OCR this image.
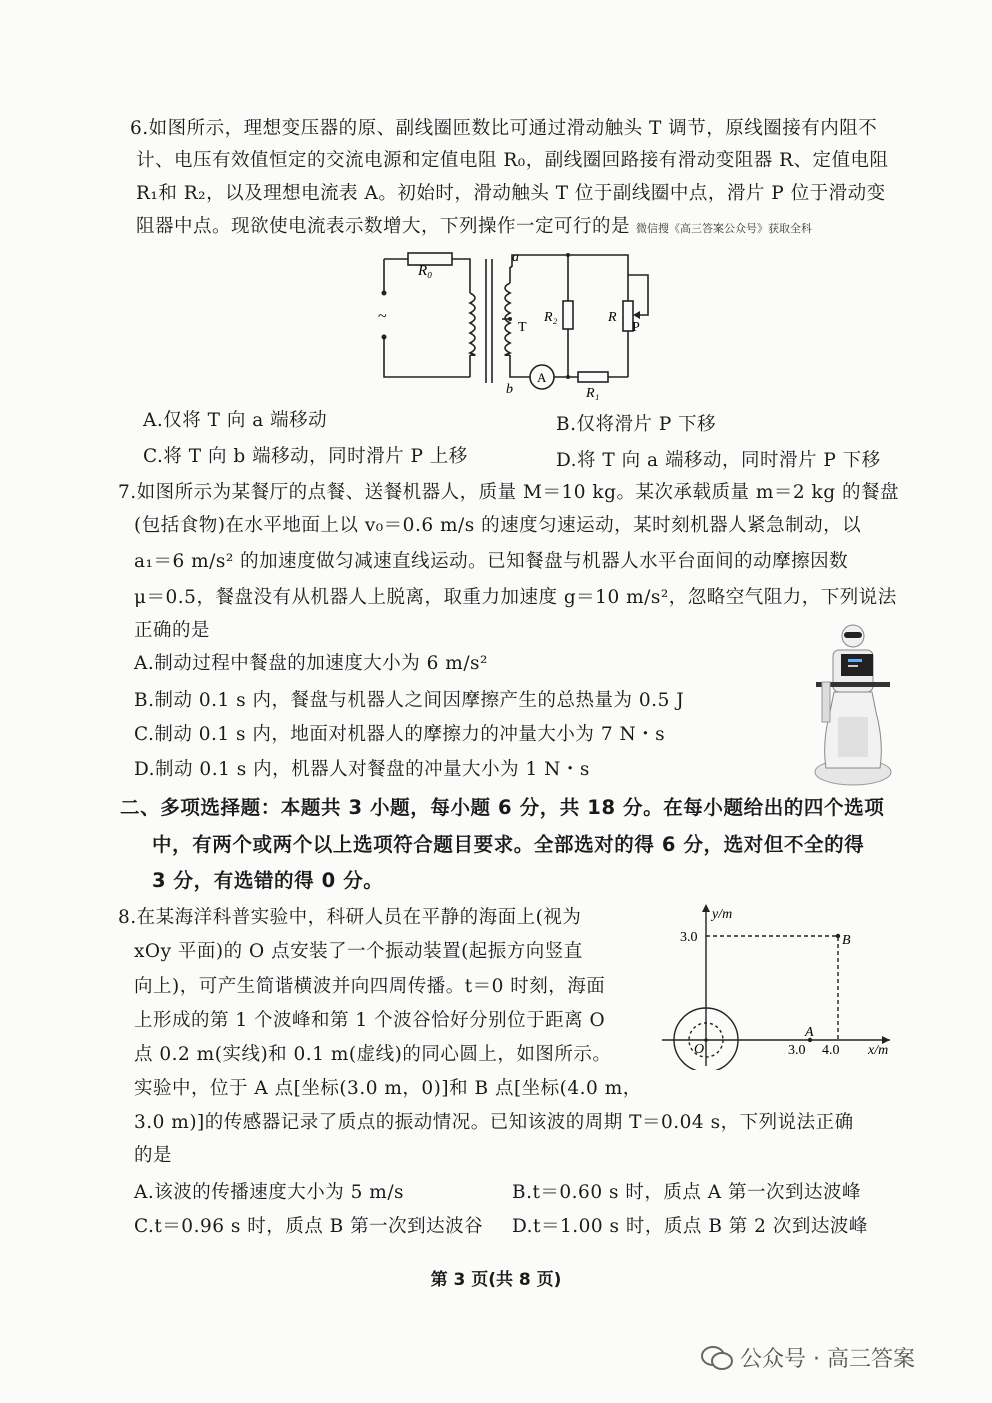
6.如图所示，理想变压器的原、副线圈匝数比可通过滑动触头 T 调节，原线圈接有内阻不
计、电压有效值恒定的交流电源和定值电阻 R₀，副线圈回路接有滑动变阻器 R、定值电阻
R₁和 R₂，以及理想电流表 A。初始时，滑动触头 T 位于副线圈中点，滑片 P 位于滑动变
阻器中点。现欲使电流表示数增大，下列操作一定可行的是 微信搜《高三答案公众号》获取全科
R₀
~
a
T
b
R₂	R
P
A
R₁
A.仅将 T 向 a 端移动	B.仅将滑片 P 下移
C.将 T 向 b 端移动，同时滑片 P 上移	D.将 T 向 a 端移动，同时滑片 P 下移
7.如图所示为某餐厅的点餐、送餐机器人，质量 M＝10 kg。某次承载质量 m＝2 kg 的餐盘
(包括食物)在水平地面上以 v₀＝0.6 m/s 的速度匀速运动，某时刻机器人紧急制动，以
a₁＝6 m/s² 的加速度做匀减速直线运动。已知餐盘与机器人水平台面间的动摩擦因数
μ＝0.5，餐盘没有从机器人上脱离，取重力加速度 g＝10 m/s²，忽略空气阻力，下列说法
正确的是
A.制动过程中餐盘的加速度大小为 6 m/s²
B.制动 0.1 s 内，餐盘与机器人之间因摩擦产生的总热量为 0.5 J
C.制动 0.1 s 内，地面对机器人的摩擦力的冲量大小为 7 N・s
D.制动 0.1 s 内，机器人对餐盘的冲量大小为 1 N・s
二、多项选择题：本题共 3 小题，每小题 6 分，共 18 分。在每小题给出的四个选项
中，有两个或两个以上选项符合题目要求。全部选对的得 6 分，选对但不全的得
3 分，有选错的得 0 分。
8.在某海洋科普实验中，科研人员在平静的海面上(视为
xOy 平面)的 O 点安装了一个振动装置(起振方向竖直
向上)，可产生简谐横波并向四周传播。t＝0 时刻，海面
上形成的第 1 个波峰和第 1 个波谷恰好分别位于距离 O
点 0.2 m(实线)和 0.1 m(虚线)的同心圆上，如图所示。
实验中，位于 A 点[坐标(3.0 m，0)]和 B 点[坐标(4.0 m，
3.0 m)]的传感器记录了质点的振动情况。已知该波的周期 T＝0.04 s，下列说法正确
的是
y/m
x/m
3.0
3.0 4.0
A
B
O
A.该波的传播速度大小为 5 m/s	B.t＝0.60 s 时，质点 A 第一次到达波峰
C.t＝0.96 s 时，质点 B 第一次到达波谷 D.t＝1.00 s 时，质点 B 第 2 次到达波峰
第 3 页(共 8 页)
公众号 · 高三答案
